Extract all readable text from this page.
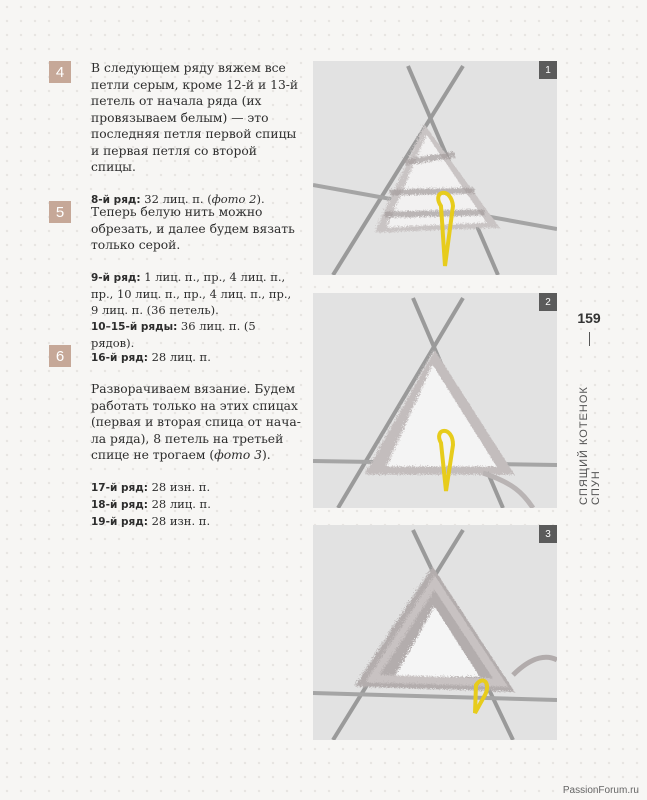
4	В следующем ряду вяжем все петли серым, кроме 12-й и 13-й петель от начала ряда (их провязываем белым) — это последняя петля первой спицы и первая петля со второй спицы.

8-й ряд: 32 лиц. п. (фото 2).

5	Теперь белую нить можно обрезать, и далее будем вязать только серой.

9-й ряд: 1 лиц. п., пр., 4 лиц. п., пр., 10 лиц. п., пр., 4 лиц. п., пр., 9 лиц. п. (36 петель).

10–15-й ряды: 36 лиц. п. (5 рядов).

6	16-й ряд: 28 лиц. п.

Разворачиваем вязание. Будем работать только на этих спицах (первая и вторая спица от нача-ла ряда), 8 петель на третьей спице не трогаем (фото 3).

17-й ряд: 28 изн. п.

18-й ряд: 28 лиц. п.

19-й ряд: 28 изн. п.

1
2
3
159
СПЯЩИЙ КОТЕНОК СПУН
PassionForum.ru
